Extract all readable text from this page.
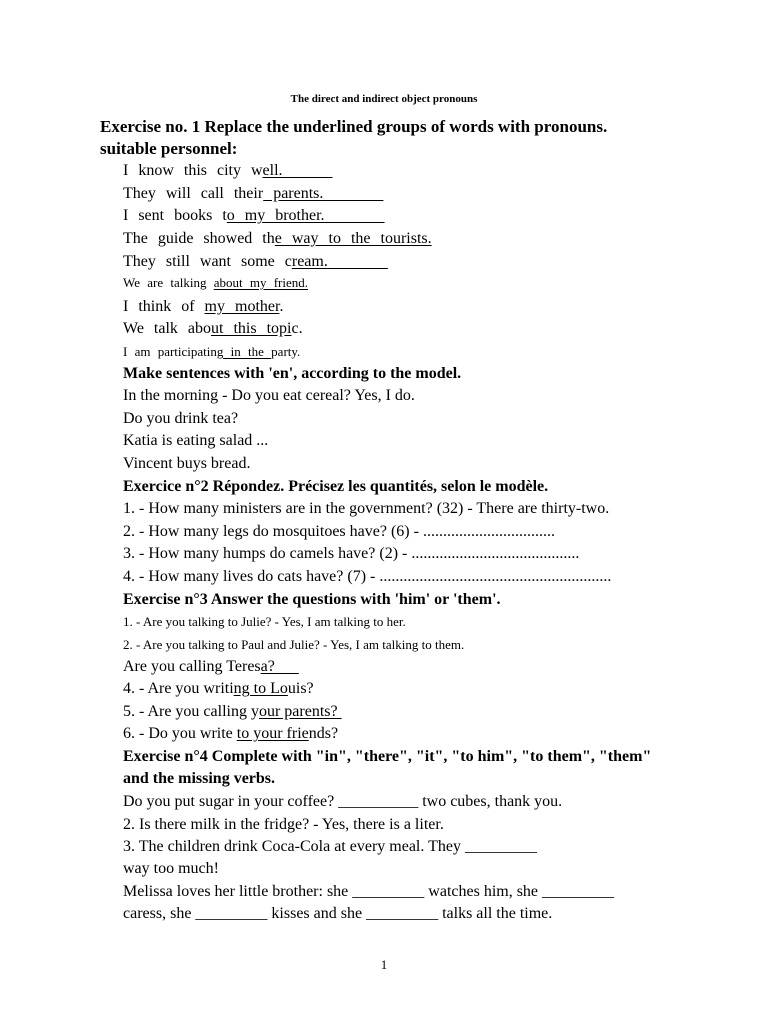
The direct and indirect object pronouns
Exercise no. 1 Replace the underlined groups of words with pronouns.
suitable personnel:
I know this city well.
They will call their parents.
I sent books to my brother.
The guide showed the way to the tourists.
They still want some cream.
We are talking about my friend.
I think of my mother.
We talk about this topic.
I am participating in the party.
Make sentences with 'en', according to the model.
In the morning - Do you eat cereal? Yes, I do.
Do you drink tea?
Katia is eating salad ...
Vincent buys bread.
Exercice n°2 Répondez. Précisez les quantités, selon le modèle.
1. - How many ministers are in the government? (32) - There are thirty-two.
2. - How many legs do mosquitoes have? (6) - .................................
3. - How many humps do camels have? (2) - ..........................................
4. - How many lives do cats have? (7) - ..........................................................
Exercise n°3 Answer the questions with 'him' or 'them'.
1. - Are you talking to Julie? - Yes, I am talking to her.
2. - Are you talking to Paul and Julie? - Yes, I am talking to them.
Are you calling Teresa?
4. - Are you writing to Louis?
5. - Are you calling your parents?
6. - Do you write to your friends?
Exercise n°4 Complete with "in", "there", "it", "to him", "to them", "them"
and the missing verbs.
Do you put sugar in your coffee? __________ two cubes, thank you.
2. Is there milk in the fridge? - Yes, there is a liter.
3. The children drink Coca-Cola at every meal. They _________
way too much!
Melissa loves her little brother: she _________ watches him, she _________
caress, she _________ kisses and she _________ talks all the time.
1
